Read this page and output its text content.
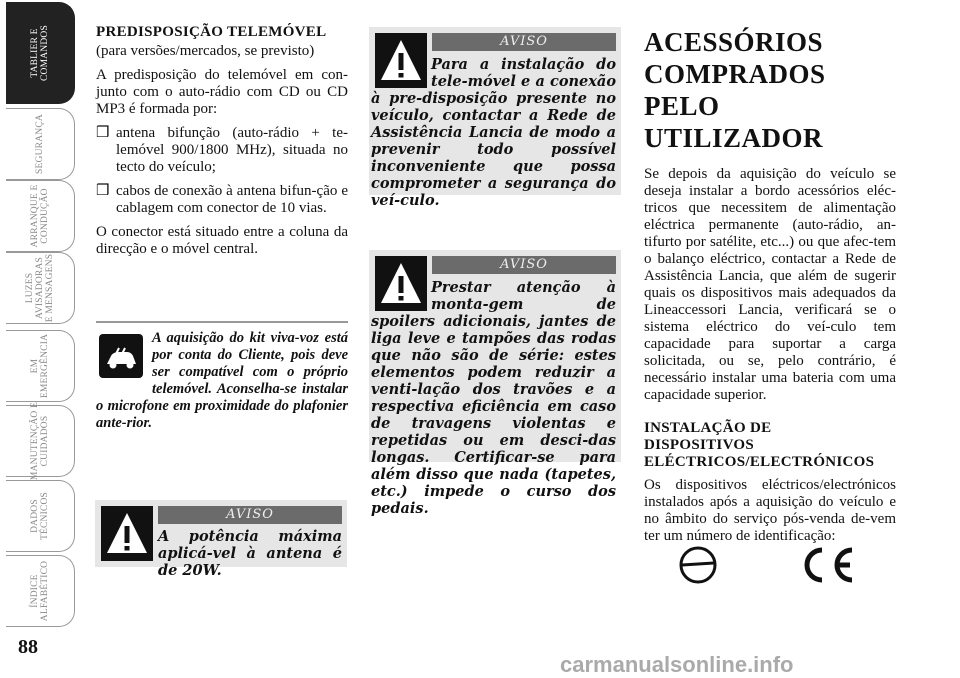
TABLIER E
COMANDOS
SEGURANÇA
ARRANQUE E
CONDUÇÃO
LUZES
AVISADORAS
E MENSAGENS
EM
EMERGÊNCIA
MANUTENÇÃO E
CUIDADOS
DADOS
TÉCNICOS
ÍNDICE
ALFABÉTICO
88

PREDISPOSIÇÃO TELEMÓVEL

(para versões/mercados, se previsto)

A predisposição do telemóvel em con-junto com o auto-rádio com CD ou CD MP3 é formada por:

❒ antena bifunção (auto-rádio + te-lemóvel 900/1800 MHz), situada no tecto do veículo;
❒ cabos de conexão à antena bifun-ção e cablagem com conector de 10 vias.

O conector está situado entre a coluna da direcção e o móvel central.

A aquisição do kit viva-voz está por conta do Cliente, pois deve ser compatível com o próprio telemóvel. Aconselha-se instalar o microfone em proximidade do plafonier ante-rior.
AVISO
A potência máxima aplicá-vel à antena é de 20W.
AVISO
Para a instalação do tele-móvel e a conexão à pre-disposição presente no veículo, contactar a Rede de Assistência Lancia de modo a prevenir todo possível inconveniente que possa comprometer a segurança do veí-culo.
AVISO
Prestar atenção à monta-gem de spoilers adicionais, jantes de liga leve e tampões das rodas que não são de série: estes elementos podem reduzir a venti-lação dos travões e a respectiva eficiência em caso de travagens violentas e repetidas ou em desci-das longas. Certificar-se para além disso que nada (tapetes, etc.) impede o curso dos pedais.

ACESSÓRIOS COMPRADOS PELO UTILIZADOR

Se depois da aquisição do veículo se deseja instalar a bordo acessórios eléc-tricos que necessitem de alimentação eléctrica permanente (auto-rádio, an-tifurto por satélite, etc...) ou que afec-tem o balanço eléctrico, contactar a Rede de Assistência Lancia, que além de sugerir quais os dispositivos mais adequados da Lineaccessori Lancia, verificará se o sistema eléctrico do veí-culo tem capacidade para suportar a carga solicitada, ou se, pelo contrário, é necessário instalar uma bateria com uma capacidade superior.

INSTALAÇÃO DE DISPOSITIVOS ELÉCTRICOS/ELECTRÓNICOS

Os dispositivos eléctricos/electrónicos instalados após a aquisição do veículo e no âmbito do serviço pós-venda de-vem ter um número de identificação:

carmanualsonline.info
